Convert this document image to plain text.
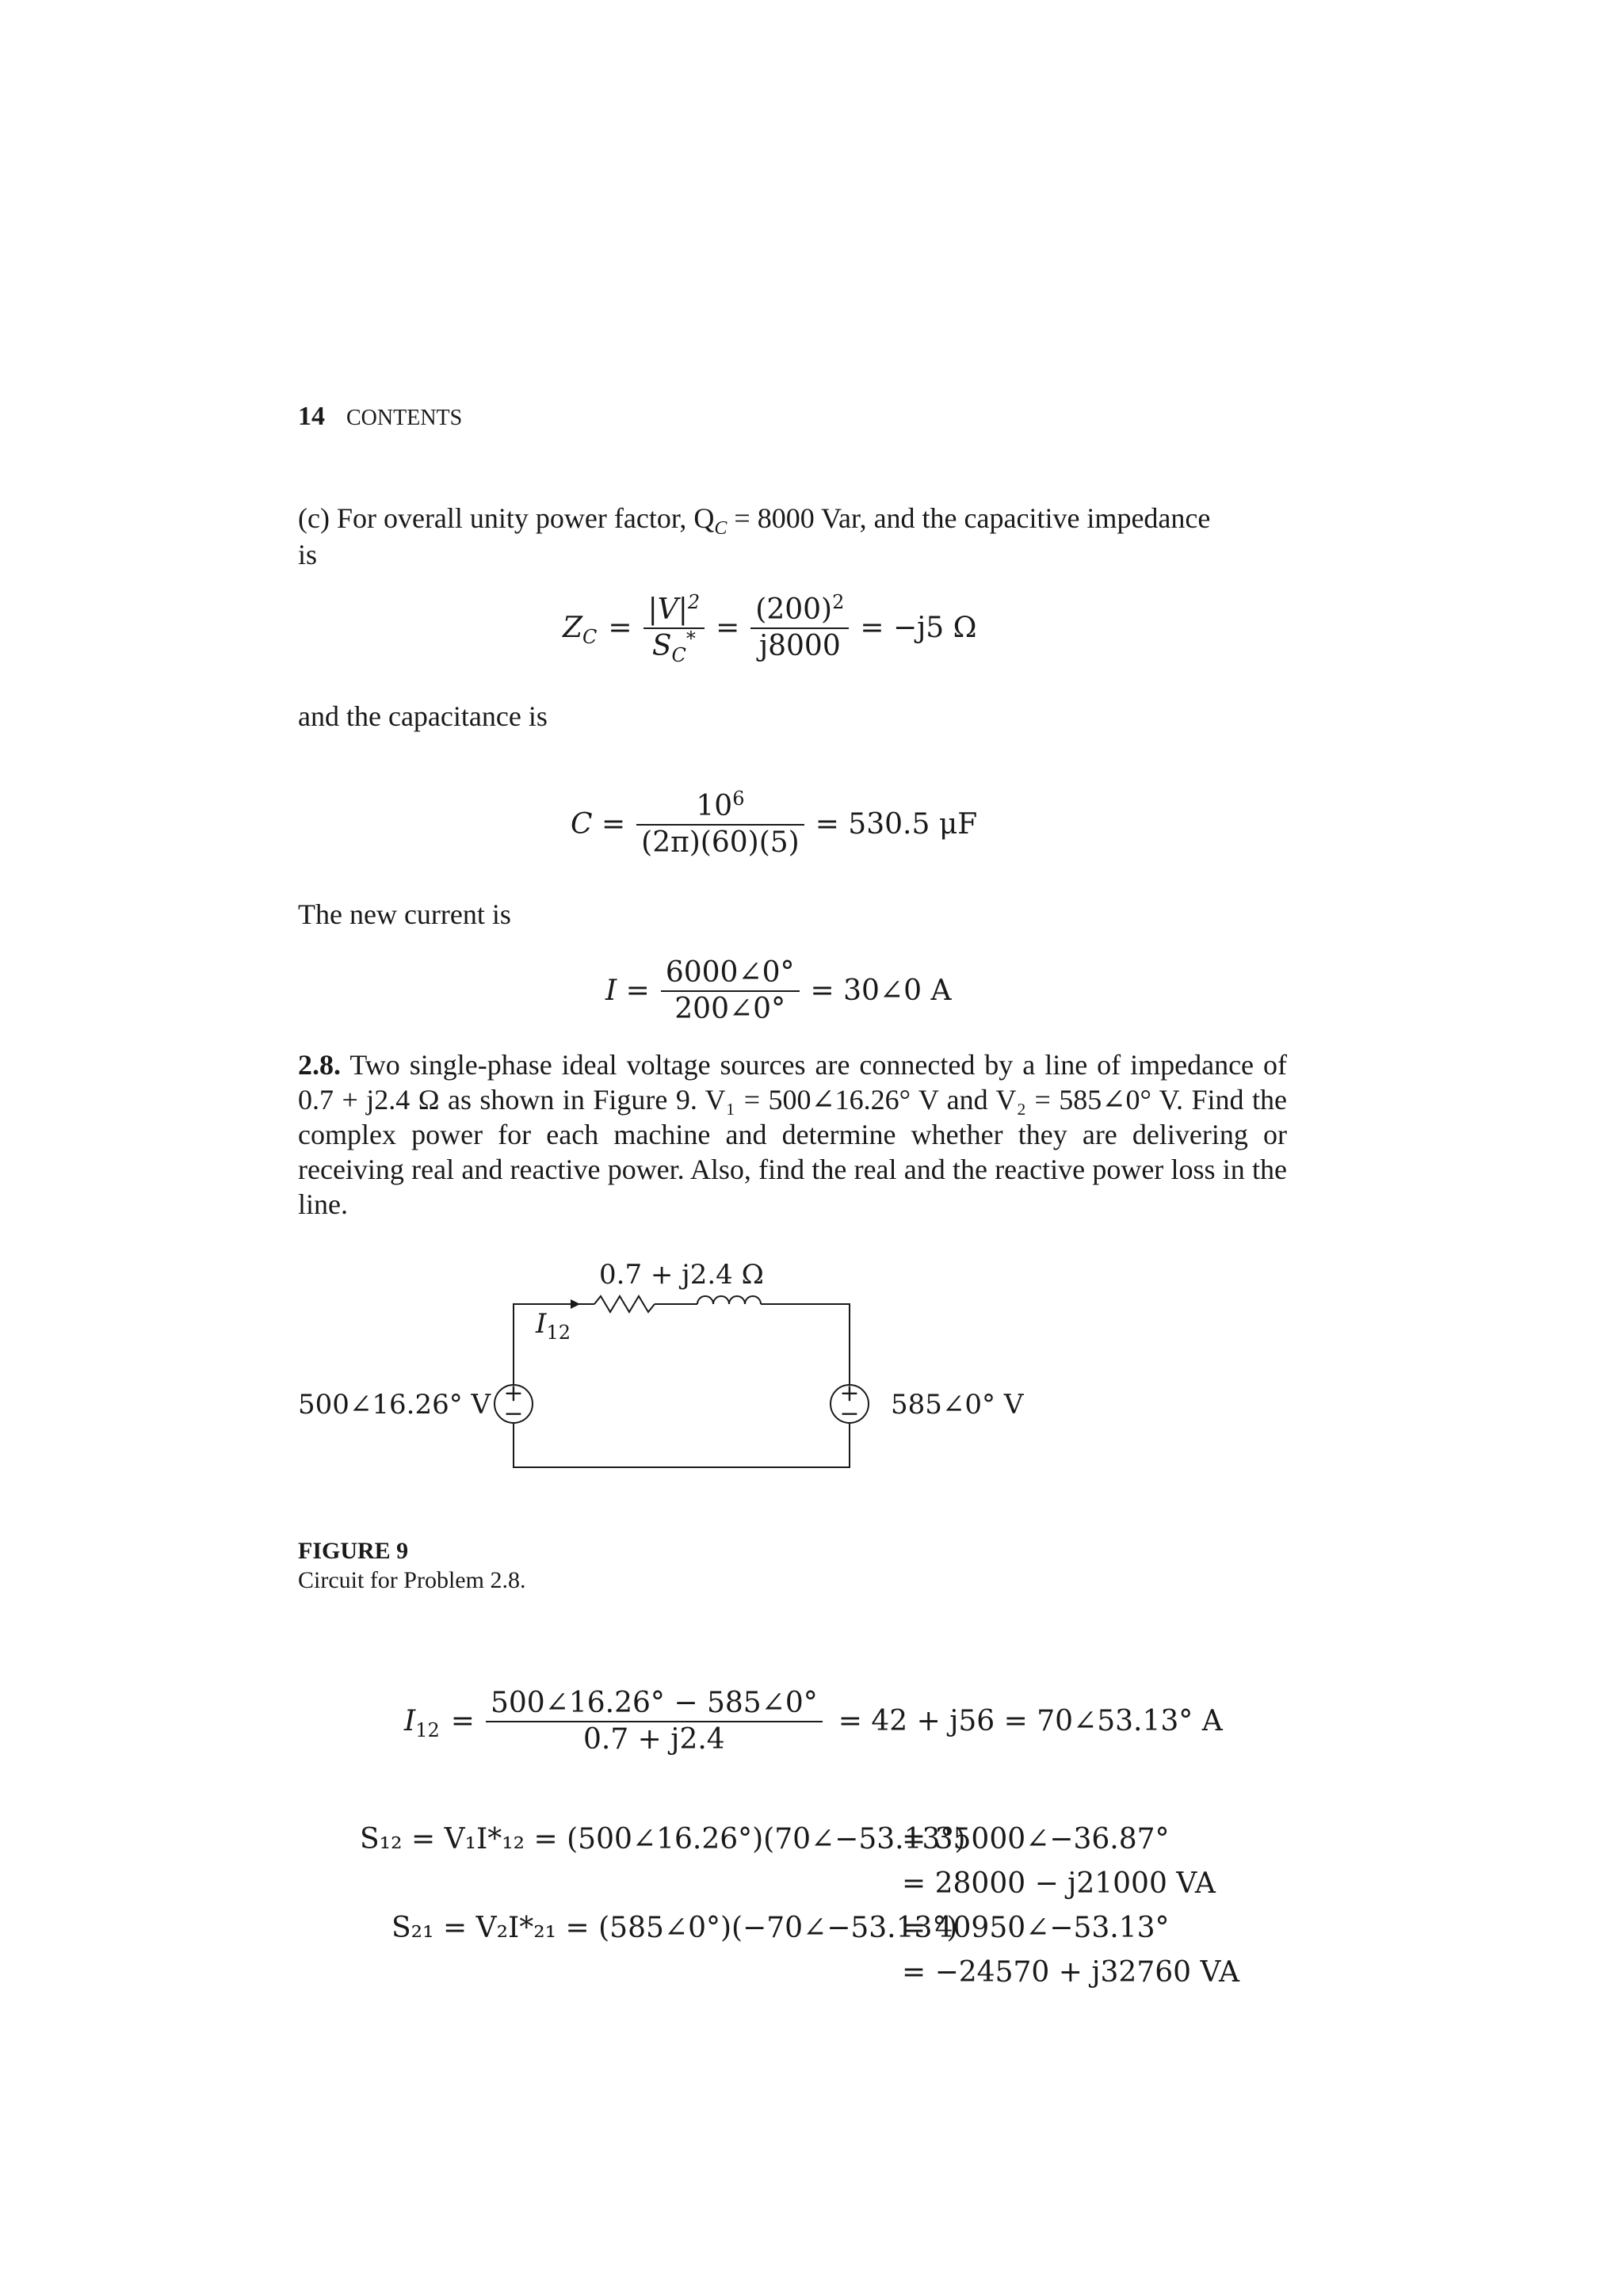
14 CONTENTS
(c) For overall unity power factor, $Q_C = 8000$ Var, and the capacitive impedance
is
$Z_C = \frac{|V|^2}{S_C^*} = \frac{(200)^2}{j8000} = -j5$ Ω
and the capacitance is
$C = \frac{10^6}{(2\pi)(60)(5)} = 530.5$ μF
The new current is
$I = \frac{6000\angle 0^\circ}{200\angle 0^\circ}$ = 30∠0 A
2.8. Two single-phase ideal voltage sources are connected by a line of impedance of 0.7 + j2.4 Ω as shown in Figure 9. V₁ = 500∠16.26° V and V₂ = 585∠0° V. Find the complex power for each machine and determine whether they are delivering or receiving real and reactive power. Also, find the real and the reactive power loss in the line.
+
−
+
−
0.7 + j2.4 Ω
$I_{12}$
500∠16.26° V	585∠0° V
FIGURE 9
Circuit for Problem 2.8.
$I_{12} = \frac{500\angle 16.26^\circ - 585\angle 0^\circ}{0.7 + j2.4} = 42 + j56$ = 70∠53.13° A
S₁₂ = V₁I*₁₂ = (500∠16.26°)(70∠−53.13°)
= 35000∠−36.87°
= 28000 − j21000 VA
S₂₁ = V₂I*₂₁ = (585∠0°)(−70∠−53.13°)
= 40950∠−53.13°
= −24570 + j32760 VA
